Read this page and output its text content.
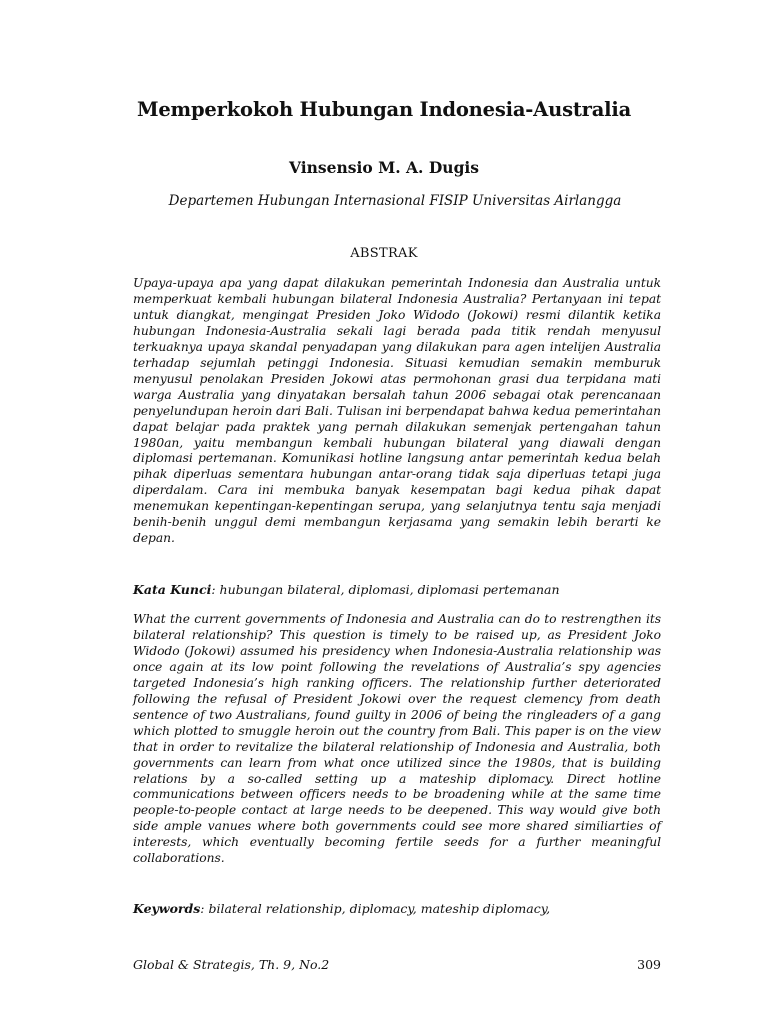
Memperkokoh Hubungan Indonesia-Australia
Vinsensio M. A. Dugis
Departemen Hubungan Internasional FISIP Universitas Airlangga
ABSTRAK
Upaya-upaya apa yang dapat dilakukan pemerintah Indonesia dan Australia untuk memperkuat kembali hubungan bilateral Indonesia Australia? Pertanyaan ini tepat untuk diangkat, mengingat Presiden Joko Widodo (Jokowi) resmi dilantik ketika hubungan Indonesia-Australia sekali lagi berada pada titik rendah menyusul terkuaknya upaya skandal penyadapan yang dilakukan para agen intelijen Australia terhadap sejumlah petinggi Indonesia. Situasi kemudian semakin memburuk menyusul penolakan Presiden Jokowi atas permohonan grasi dua terpidana mati warga Australia yang dinyatakan bersalah tahun 2006 sebagai otak perencanaan penyelundupan heroin dari Bali. Tulisan ini berpendapat bahwa kedua pemerintahan dapat belajar pada praktek yang pernah dilakukan semenjak pertengahan tahun 1980an, yaitu membangun kembali hubungan bilateral yang diawali dengan diplomasi pertemanan. Komunikasi hotline langsung antar pemerintah kedua belah pihak diperluas sementara hubungan antar-orang tidak saja diperluas tetapi juga diperdalam. Cara ini membuka banyak kesempatan bagi kedua pihak dapat menemukan kepentingan-kepentingan serupa, yang selanjutnya tentu saja menjadi benih-benih unggul demi membangun kerjasama yang semakin lebih berarti ke depan.
Kata Kunci: hubungan bilateral, diplomasi, diplomasi pertemanan
What the current governments of Indonesia and Australia can do to restrengthen its bilateral relationship? This question is timely to be raised up, as President Joko Widodo (Jokowi) assumed his presidency when Indonesia-Australia relationship was once again at its low point following the revelations of Australia’s spy agencies targeted Indonesia’s high ranking officers. The relationship further deteriorated following the refusal of President Jokowi over the request clemency from death sentence of two Australians, found guilty in 2006 of being the ringleaders of a gang which plotted to smuggle heroin out the country from Bali. This paper is on the view that in order to revitalize the bilateral relationship of Indonesia and Australia, both governments can learn from what once utilized since the 1980s, that is building relations by a so-called setting up a mateship diplomacy. Direct hotline communications between officers needs to be broadening while at the same time people-to-people contact at large needs to be deepened. This way would give both side ample vanues where both governments could see more shared similiarties of interests, which eventually becoming fertile seeds for a further meaningful collaborations.
Keywords: bilateral relationship, diplomacy, mateship diplomacy,
Global & Strategis, Th. 9, No.2	309
